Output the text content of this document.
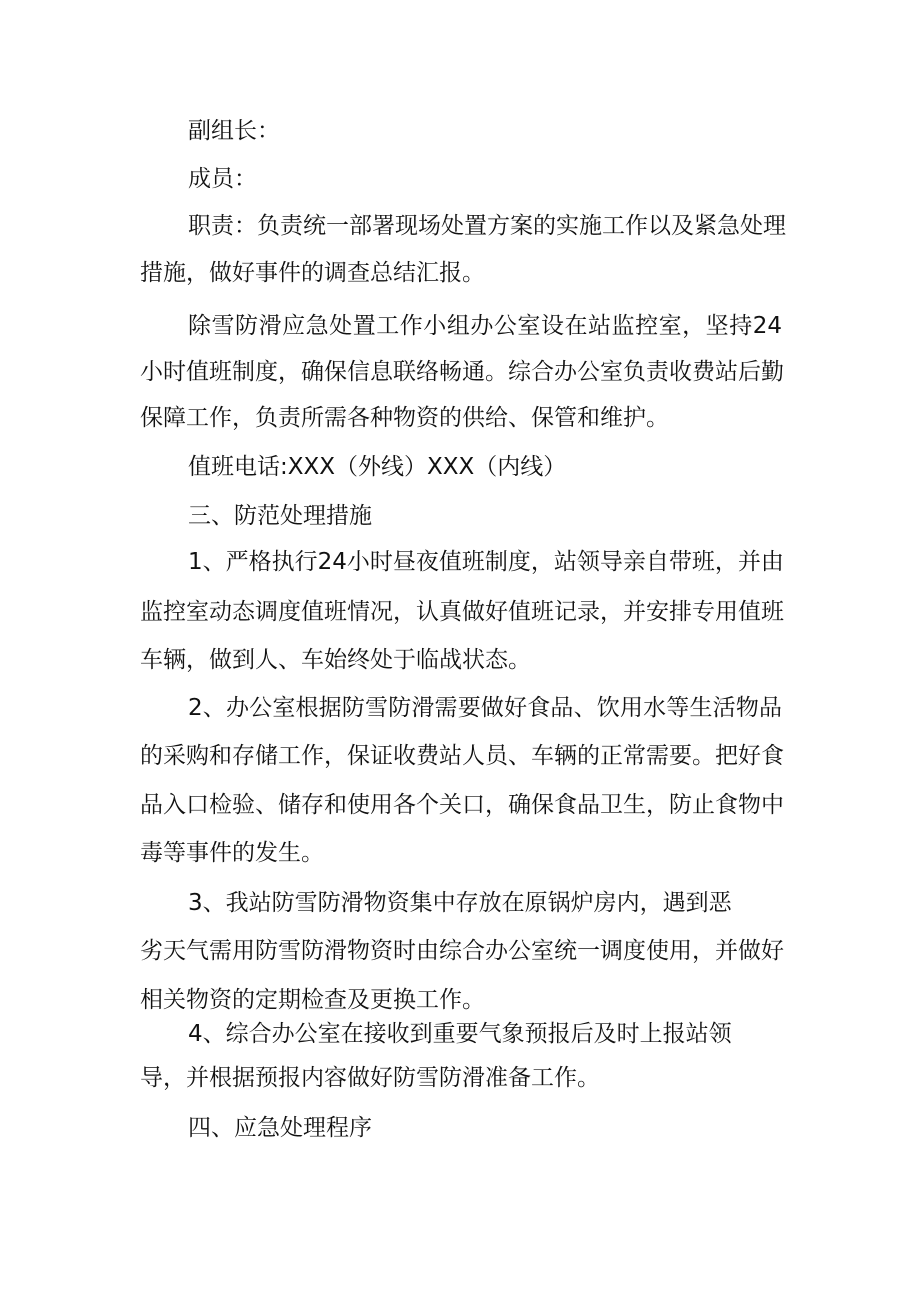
副组长：
成员：
职责：负责统一部署现场处置方案的实施工作以及紧急处理
措施，做好事件的调查总结汇报。
除雪防滑应急处置工作小组办公室设在站监控室，坚持24
小时值班制度，确保信息联络畅通。综合办公室负责收费站后勤
保障工作，负责所需各种物资的供给、保管和维护。
值班电话:XXX（外线）XXX（内线）
三、防范处理措施
1、严格执行24小时昼夜值班制度，站领导亲自带班，并由
监控室动态调度值班情况，认真做好值班记录，并安排专用值班
车辆，做到人、车始终处于临战状态。
2、办公室根据防雪防滑需要做好食品、饮用水等生活物品
的采购和存储工作，保证收费站人员、车辆的正常需要。把好食
品入口检验、储存和使用各个关口，确保食品卫生，防止食物中
毒等事件的发生。
3、我站防雪防滑物资集中存放在原锅炉房内，遇到恶
劣天气需用防雪防滑物资时由综合办公室统一调度使用，并做好
相关物资的定期检查及更换工作。
4、综合办公室在接收到重要气象预报后及时上报站领
导，并根据预报内容做好防雪防滑准备工作。
四、应急处理程序
